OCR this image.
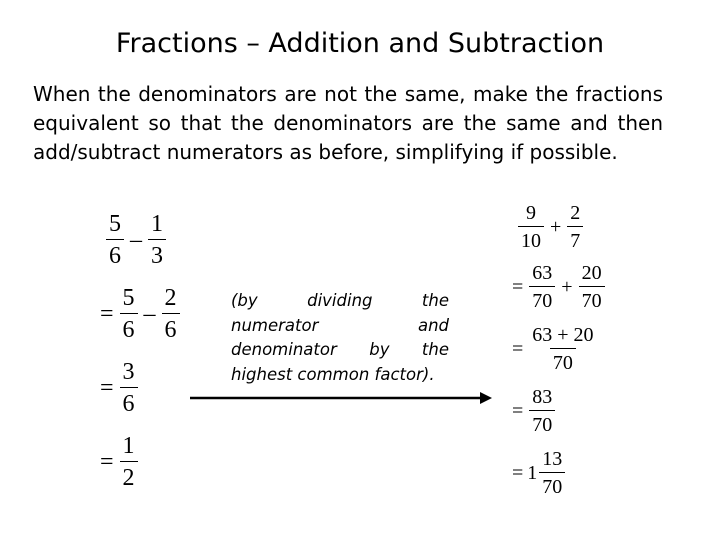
Fractions – Addition and Subtraction
When the denominators are not the same, make the fractions equivalent so that the denominators are the same and then add/subtract numerators as before, simplifying if possible.
$\frac{5}{6} - \frac{1}{3}$
= $\frac{5}{6} - \frac{2}{6}$
= $\frac{3}{6}$
= $\frac{1}{2}$
(by dividing the numerator and denominator by the highest common factor).
$\frac{9}{10} + \frac{2}{7}$
= $\frac{63}{70} + \frac{20}{70}$
= $\frac{63 + 20}{70}$
= $\frac{83}{70}$
= $1 \frac{13}{70}$
